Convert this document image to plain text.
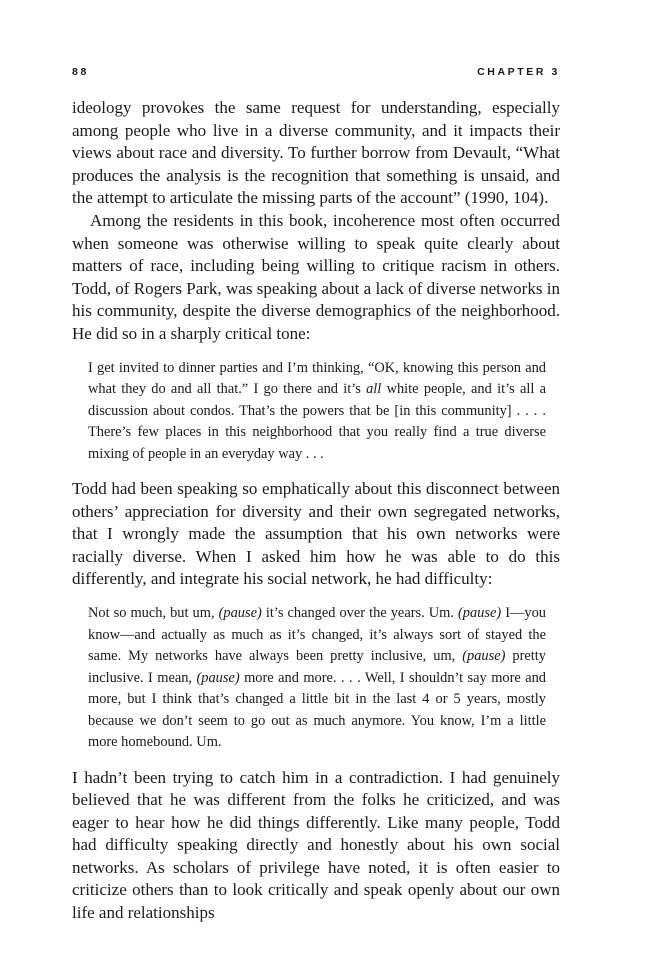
88	CHAPTER 3

ideology provokes the same request for understanding, especially among people who live in a diverse community, and it impacts their views about race and diversity. To further borrow from Devault, “What produces the analysis is the recognition that something is unsaid, and the attempt to articulate the missing parts of the account” (1990, 104).

Among the residents in this book, incoherence most often occurred when someone was otherwise willing to speak quite clearly about matters of race, including being willing to critique racism in others. Todd, of Rogers Park, was speaking about a lack of diverse networks in his community, despite the diverse demographics of the neighborhood. He did so in a sharply critical tone:

I get invited to dinner parties and I’m thinking, “OK, knowing this person and what they do and all that.” I go there and it’s all white people, and it’s all a discussion about condos. That’s the powers that be [in this community] . . . . There’s few places in this neighborhood that you really find a true diverse mixing of people in an everyday way . . .

Todd had been speaking so emphatically about this disconnect between others’ appreciation for diversity and their own segregated networks, that I wrongly made the assumption that his own networks were racially diverse. When I asked him how he was able to do this differently, and integrate his social network, he had difficulty:

Not so much, but um, (pause) it’s changed over the years. Um. (pause) I—you know—and actually as much as it’s changed, it’s always sort of stayed the same. My networks have always been pretty inclusive, um, (pause) pretty inclusive. I mean, (pause) more and more. . . . Well, I shouldn’t say more and more, but I think that’s changed a little bit in the last 4 or 5 years, mostly because we don’t seem to go out as much anymore. You know, I’m a little more homebound. Um.

I hadn’t been trying to catch him in a contradiction. I had genuinely believed that he was different from the folks he criticized, and was eager to hear how he did things differently. Like many people, Todd had difficulty speaking directly and honestly about his own social networks. As scholars of privilege have noted, it is often easier to criticize others than to look critically and speak openly about our own life and relationships
